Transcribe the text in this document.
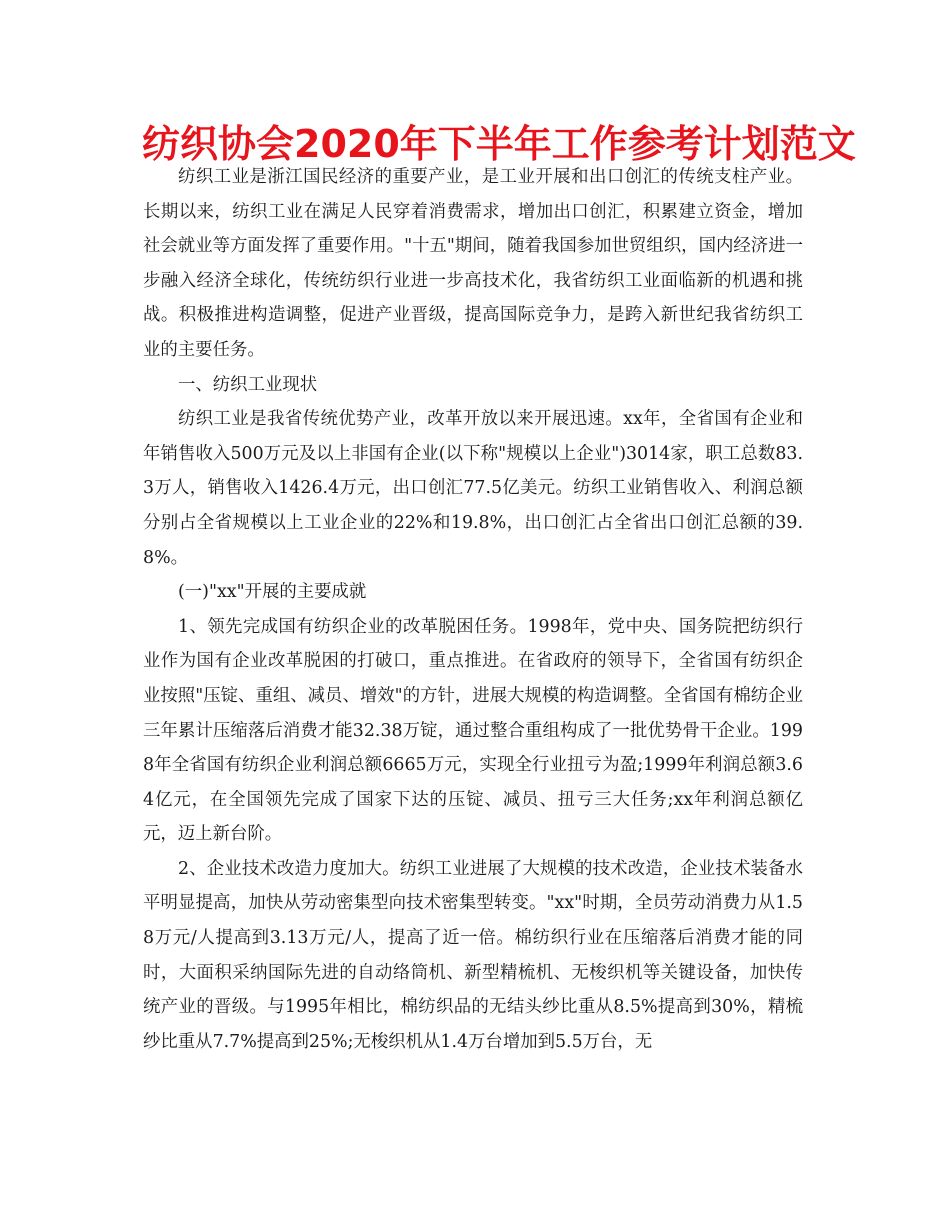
纺织协会2020年下半年工作参考计划范文

纺织工业是浙江国民经济的重要产业，是工业开展和出口创汇的传统支柱产业。长期以来，纺织工业在满足人民穿着消费需求，增加出口创汇，积累建立资金，增加社会就业等方面发挥了重要作用。"十五"期间，随着我国参加世贸组织，国内经济进一步融入经济全球化，传统纺织行业进一步高技术化，我省纺织工业面临新的机遇和挑战。积极推进构造调整，促进产业晋级，提高国际竞争力，是跨入新世纪我省纺织工业的主要任务。

一、纺织工业现状

纺织工业是我省传统优势产业，改革开放以来开展迅速。xx年，全省国有企业和年销售收入500万元及以上非国有企业(以下称"规模以上企业")3014家，职工总数83.3万人，销售收入1426.4万元，出口创汇77.5亿美元。纺织工业销售收入、利润总额分别占全省规模以上工业企业的22%和19.8%，出口创汇占全省出口创汇总额的39.8%。

(一)"xx"开展的主要成就

1、领先完成国有纺织企业的改革脱困任务。1998年，党中央、国务院把纺织行业作为国有企业改革脱困的打破口，重点推进。在省政府的领导下，全省国有纺织企业按照"压锭、重组、减员、增效"的方针，进展大规模的构造调整。全省国有棉纺企业三年累计压缩落后消费才能32.38万锭，通过整合重组构成了一批优势骨干企业。1998年全省国有纺织企业利润总额6665万元，实现全行业扭亏为盈;1999年利润总额3.64亿元，在全国领先完成了国家下达的压锭、减员、扭亏三大任务;xx年利润总额亿元，迈上新台阶。

2、企业技术改造力度加大。纺织工业进展了大规模的技术改造，企业技术装备水平明显提高，加快从劳动密集型向技术密集型转变。"xx"时期，全员劳动消费力从1.58万元/人提高到3.13万元/人，提高了近一倍。棉纺织行业在压缩落后消费才能的同时，大面积采纳国际先进的自动络筒机、新型精梳机、无梭织机等关键设备，加快传统产业的晋级。与1995年相比，棉纺织品的无结头纱比重从8.5%提高到30%，精梳纱比重从7.7%提高到25%;无梭织机从1.4万台增加到5.5万台，无
